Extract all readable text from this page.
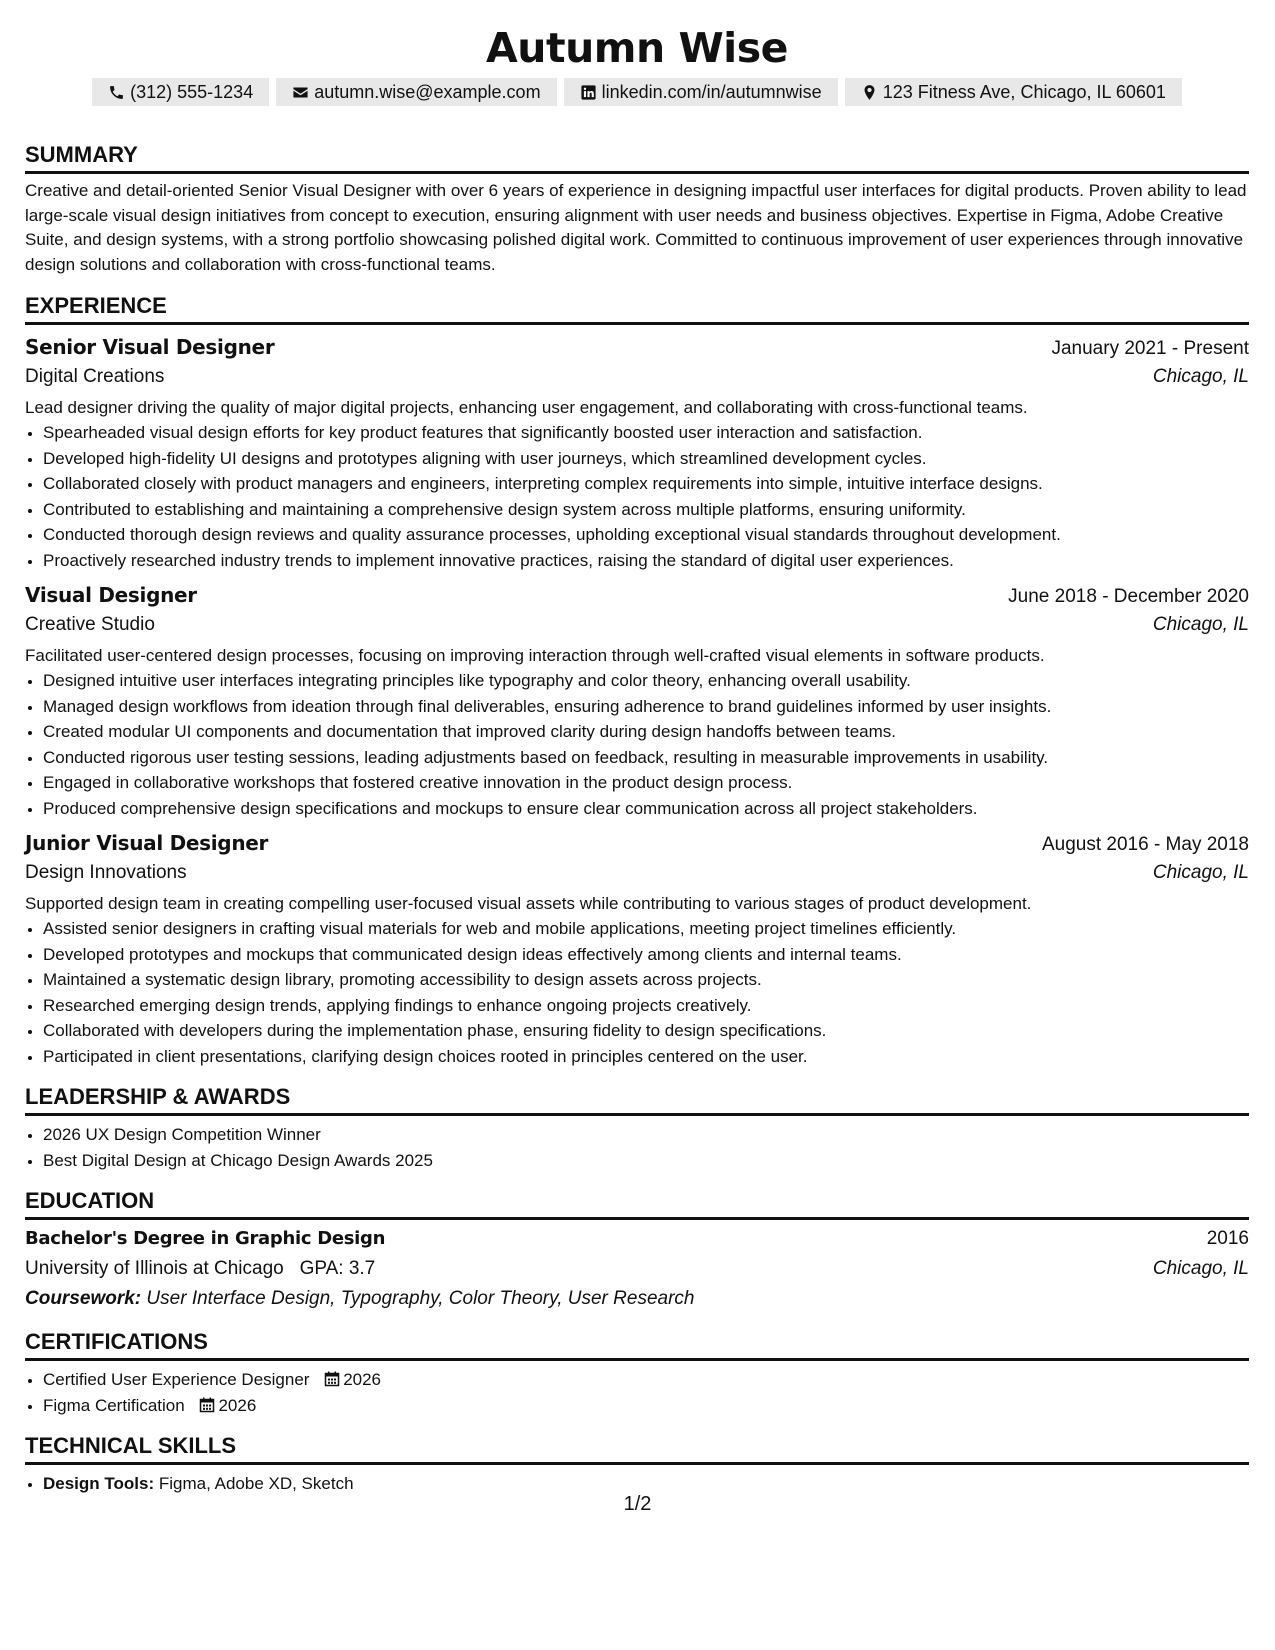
Autumn Wise
(312) 555-1234	autumn.wise@example.com	linkedin.com/in/autumnwise	123 Fitness Ave, Chicago, IL 60601
SUMMARY
Creative and detail-oriented Senior Visual Designer with over 6 years of experience in designing impactful user interfaces for digital products. Proven ability to lead large-scale visual design initiatives from concept to execution, ensuring alignment with user needs and business objectives. Expertise in Figma, Adobe Creative Suite, and design systems, with a strong portfolio showcasing polished digital work. Committed to continuous improvement of user experiences through innovative design solutions and collaboration with cross-functional teams.
EXPERIENCE
Senior Visual Designer	January 2021 - Present
Digital Creations	Chicago, IL
Lead designer driving the quality of major digital projects, enhancing user engagement, and collaborating with cross-functional teams.
• Spearheaded visual design efforts for key product features that significantly boosted user interaction and satisfaction.
• Developed high-fidelity UI designs and prototypes aligning with user journeys, which streamlined development cycles.
• Collaborated closely with product managers and engineers, interpreting complex requirements into simple, intuitive interface designs.
• Contributed to establishing and maintaining a comprehensive design system across multiple platforms, ensuring uniformity.
• Conducted thorough design reviews and quality assurance processes, upholding exceptional visual standards throughout development.
• Proactively researched industry trends to implement innovative practices, raising the standard of digital user experiences.
Visual Designer	June 2018 - December 2020
Creative Studio	Chicago, IL
Facilitated user-centered design processes, focusing on improving interaction through well-crafted visual elements in software products.
• Designed intuitive user interfaces integrating principles like typography and color theory, enhancing overall usability.
• Managed design workflows from ideation through final deliverables, ensuring adherence to brand guidelines informed by user insights.
• Created modular UI components and documentation that improved clarity during design handoffs between teams.
• Conducted rigorous user testing sessions, leading adjustments based on feedback, resulting in measurable improvements in usability.
• Engaged in collaborative workshops that fostered creative innovation in the product design process.
• Produced comprehensive design specifications and mockups to ensure clear communication across all project stakeholders.
Junior Visual Designer	August 2016 - May 2018
Design Innovations	Chicago, IL
Supported design team in creating compelling user-focused visual assets while contributing to various stages of product development.
• Assisted senior designers in crafting visual materials for web and mobile applications, meeting project timelines efficiently.
• Developed prototypes and mockups that communicated design ideas effectively among clients and internal teams.
• Maintained a systematic design library, promoting accessibility to design assets across projects.
• Researched emerging design trends, applying findings to enhance ongoing projects creatively.
• Collaborated with developers during the implementation phase, ensuring fidelity to design specifications.
• Participated in client presentations, clarifying design choices rooted in principles centered on the user.
LEADERSHIP & AWARDS
• 2026 UX Design Competition Winner
• Best Digital Design at Chicago Design Awards 2025
EDUCATION
Bachelor's Degree in Graphic Design	2016
University of Illinois at Chicago GPA: 3.7	Chicago, IL
Coursework: User Interface Design, Typography, Color Theory, User Research
CERTIFICATIONS
• Certified User Experience Designer 2026
• Figma Certification 2026
TECHNICAL SKILLS
• Design Tools: Figma, Adobe XD, Sketch
1/2
